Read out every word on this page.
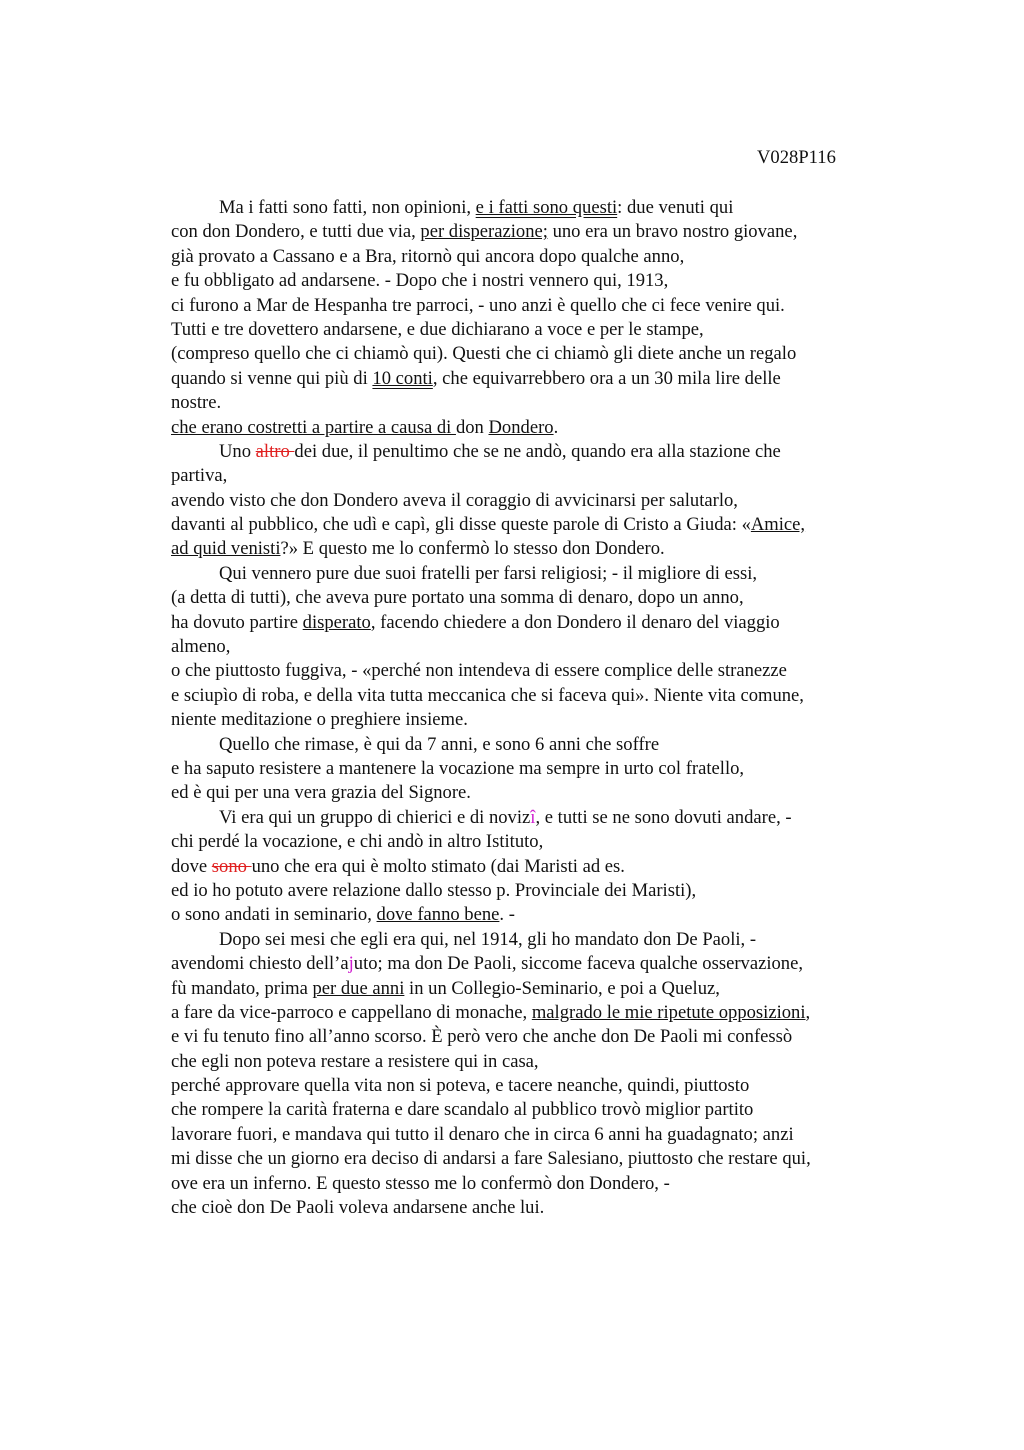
V028P116

Ma i fatti sono fatti, non opinioni, e i fatti sono questi: due venuti qui
con don Dondero, e tutti due via, per disperazione; uno era un bravo nostro giovane,
già provato a Cassano e a Bra, ritornò qui ancora dopo qualche anno,
e fu obbligato ad andarsene. - Dopo che i nostri vennero qui, 1913,
ci furono a Mar de Hespanha tre parroci, - uno anzi è quello che ci fece venire qui.
Tutti e tre dovettero andarsene, e due dichiarano a voce e per le stampe,
(compreso quello che ci chiamò qui). Questi che ci chiamò gli diete anche un regalo
quando si venne qui più di 10 conti, che equivarrebbero ora a un 30 mila lire delle
nostre.
che erano costretti a partire a causa di don Dondero.
Uno altro dei due, il penultimo che se ne andò, quando era alla stazione che
partiva,
avendo visto che don Dondero aveva il coraggio di avvicinarsi per salutarlo,
davanti al pubblico, che udì e capì, gli disse queste parole di Cristo a Giuda: «Amice,
ad quid venisti?» E questo me lo confermò lo stesso don Dondero.
Qui vennero pure due suoi fratelli per farsi religiosi; - il migliore di essi,
(a detta di tutti), che aveva pure portato una somma di denaro, dopo un anno,
ha dovuto partire disperato, facendo chiedere a don Dondero il denaro del viaggio
almeno,
o che piuttosto fuggiva, - «perché non intendeva di essere complice delle stranezze
e sciupìo di roba, e della vita tutta meccanica che si faceva qui». Niente vita comune,
niente meditazione o preghiere insieme.
Quello che rimase, è qui da 7 anni, e sono 6 anni che soffre
e ha saputo resistere a mantenere la vocazione ma sempre in urto col fratello,
ed è qui per una vera grazia del Signore.
Vi era qui un gruppo di chierici e di novizî, e tutti se ne sono dovuti andare, -
chi perdé la vocazione, e chi andò in altro Istituto,
dove sono uno che era qui è molto stimato (dai Maristi ad es.
ed io ho potuto avere relazione dallo stesso p. Provinciale dei Maristi),
o sono andati in seminario, dove fanno bene. -
Dopo sei mesi che egli era qui, nel 1914, gli ho mandato don De Paoli, -
avendomi chiesto dell’ajuto; ma don De Paoli, siccome faceva qualche osservazione,
fù mandato, prima per due anni in un Collegio-Seminario, e poi a Queluz,
a fare da vice-parroco e cappellano di monache, malgrado le mie ripetute opposizioni,
e vi fu tenuto fino all’anno scorso. È però vero che anche don De Paoli mi confessò
che egli non poteva restare a resistere qui in casa,
perché approvare quella vita non si poteva, e tacere neanche, quindi, piuttosto
che rompere la carità fraterna e dare scandalo al pubblico trovò miglior partito
lavorare fuori, e mandava qui tutto il denaro che in circa 6 anni ha guadagnato; anzi
mi disse che un giorno era deciso di andarsi a fare Salesiano, piuttosto che restare qui,
ove era un inferno. E questo stesso me lo confermò don Dondero, -
che cioè don De Paoli voleva andarsene anche lui.
